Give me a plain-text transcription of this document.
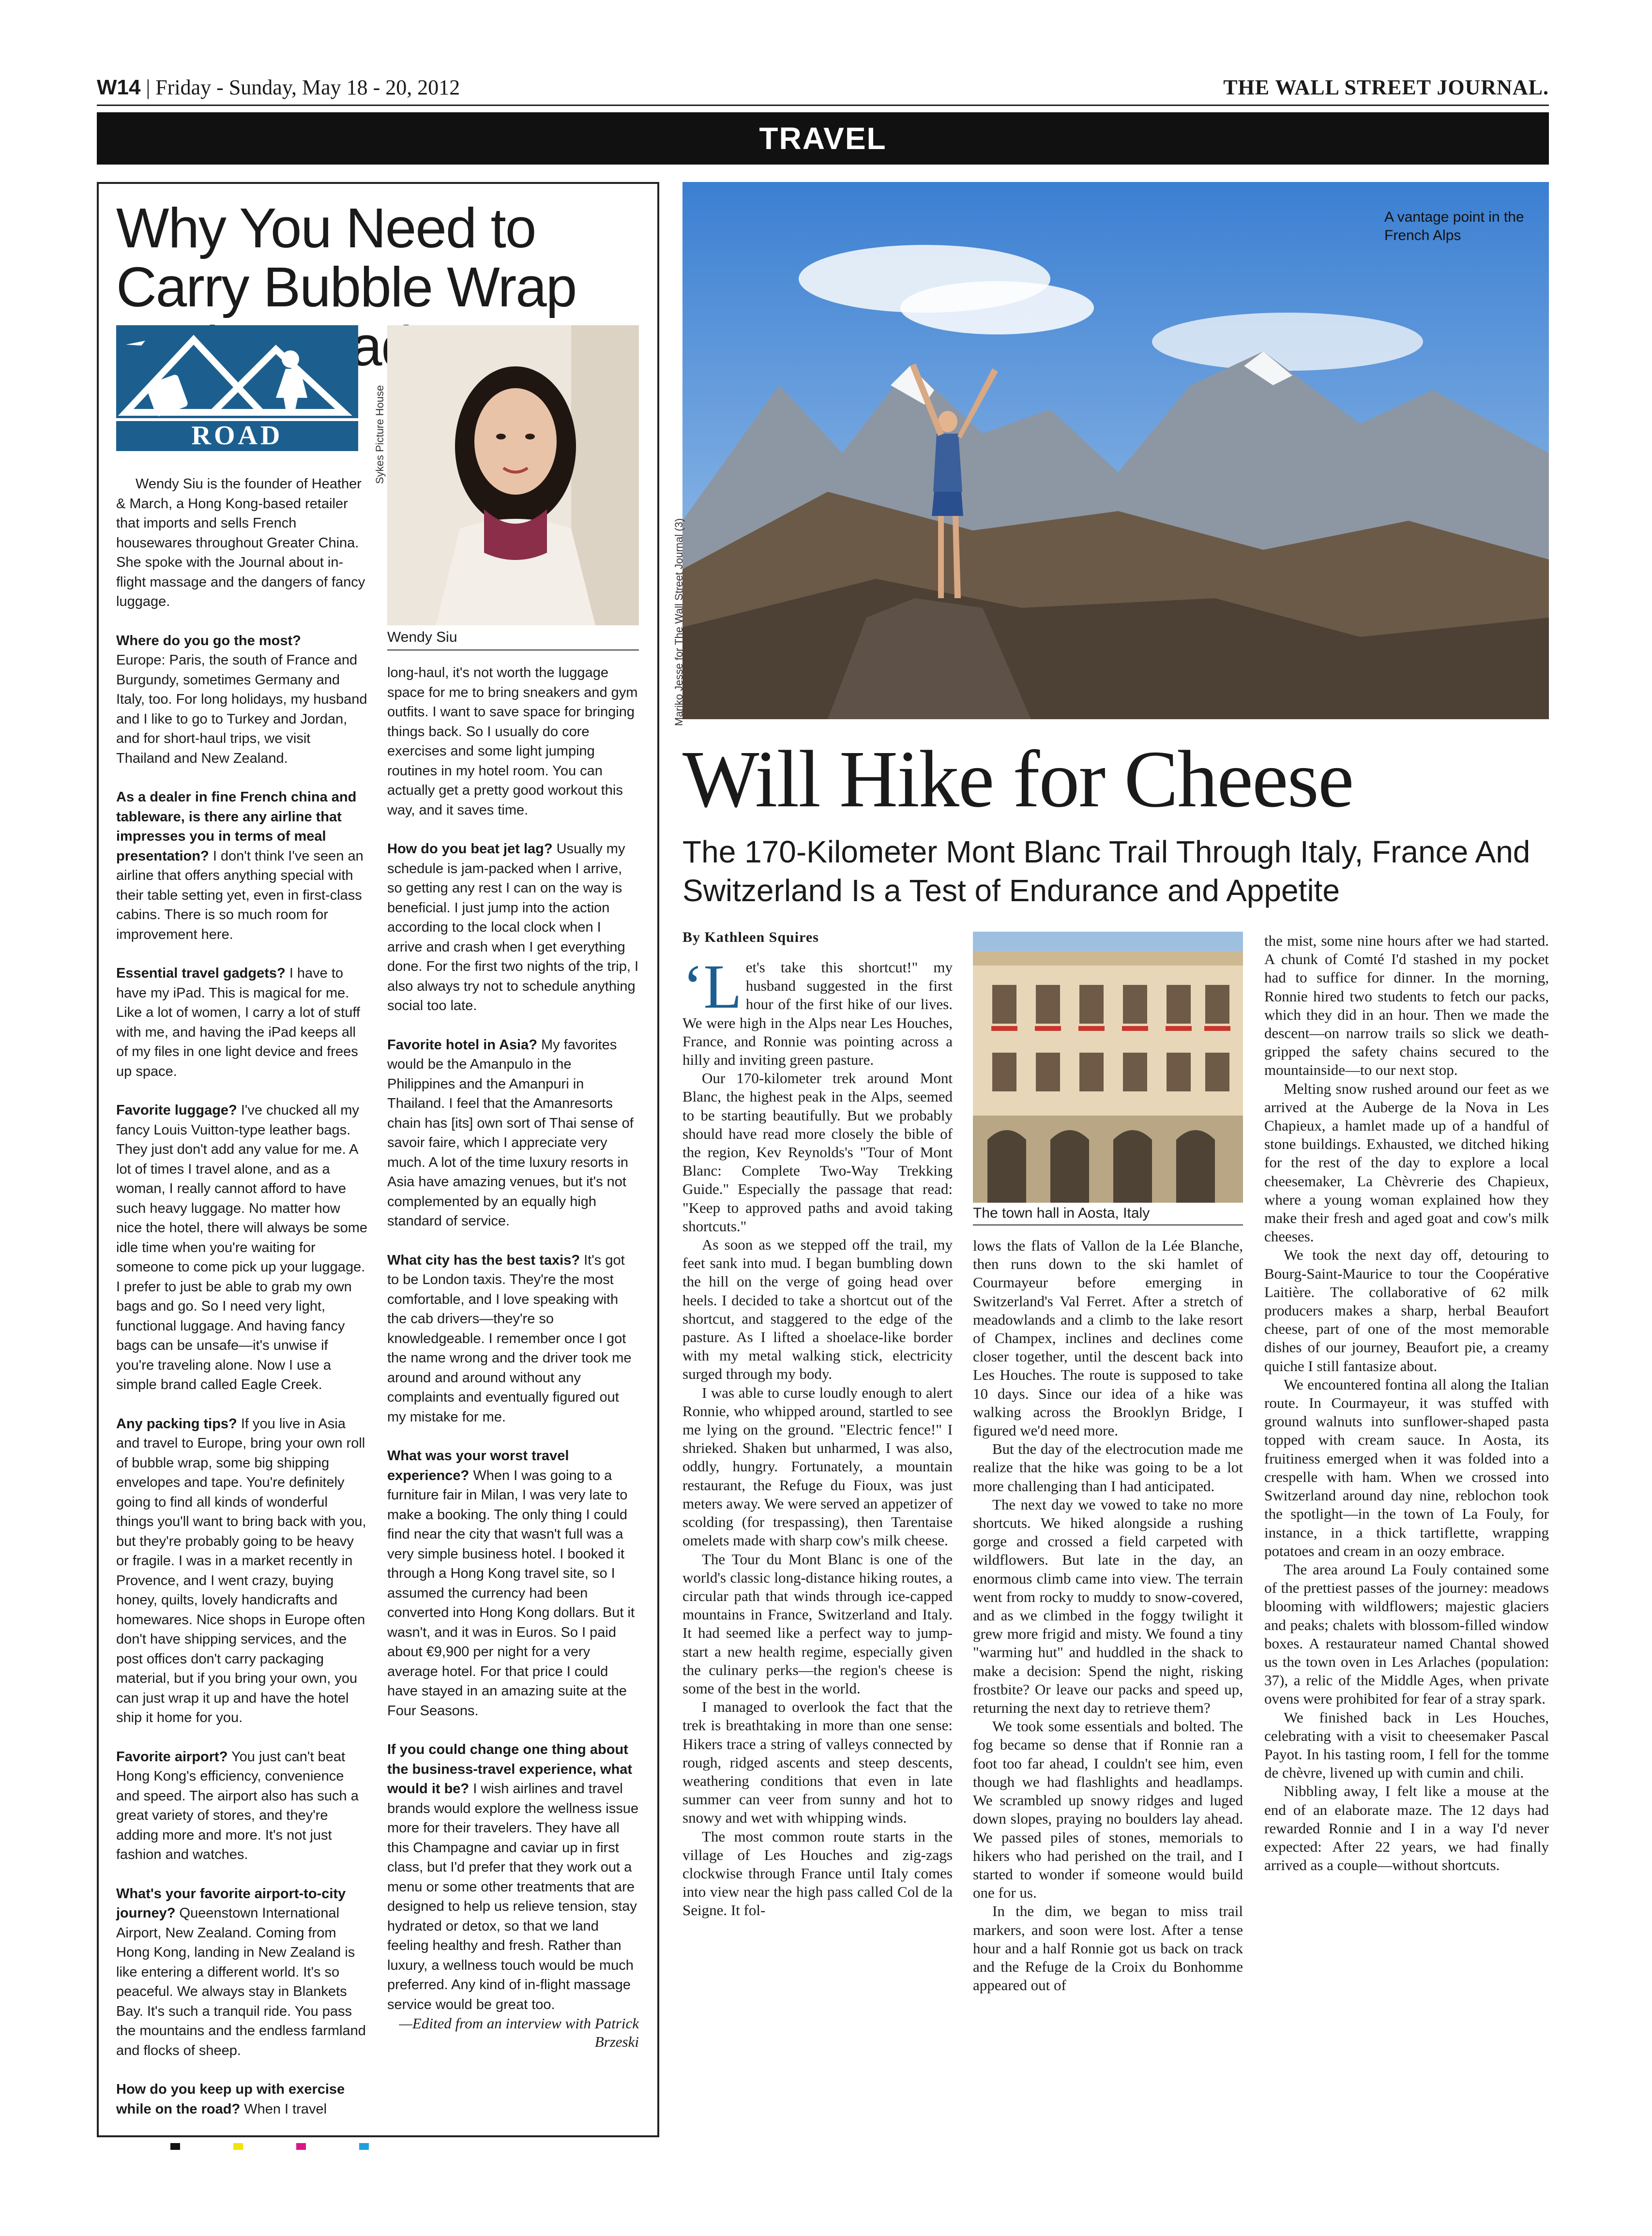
W14 | Friday - Sunday, May 18 - 20, 2012	THE WALL STREET JOURNAL.
TRAVEL
Why You Need to Carry Bubble Wrap
ROAD WARRIOR	Sykes Picture House
Wendy Siu

Wendy Siu is the founder of Heather & March, a Hong Kong-based retailer that imports and sells French housewares throughout Greater China. She spoke with the Journal about in-flight massage and the dangers of fancy luggage.

Where do you go the most?
Europe: Paris, the south of France and Burgundy, sometimes Germany and Italy, too. For long holidays, my husband and I like to go to Turkey and Jordan, and for short-haul trips, we visit Thailand and New Zealand.

As a dealer in fine French china and tableware, is there any airline that impresses you in terms of meal presentation? I don't think I've seen an airline that offers anything special with their table setting yet, even in first-class cabins. There is so much room for improvement here.

Essential travel gadgets? I have to have my iPad. This is magical for me. Like a lot of women, I carry a lot of stuff with me, and having the iPad keeps all of my files in one light device and frees up space.

Favorite luggage? I've chucked all my fancy Louis Vuitton-type leather bags. They just don't add any value for me. A lot of times I travel alone, and as a woman, I really cannot afford to have such heavy luggage. No matter how nice the hotel, there will always be some idle time when you're waiting for someone to come pick up your luggage. I prefer to just be able to grab my own bags and go. So I need very light, functional luggage. And having fancy bags can be unsafe—it's unwise if you're traveling alone. Now I use a simple brand called Eagle Creek.

Any packing tips? If you live in Asia and travel to Europe, bring your own roll of bubble wrap, some big shipping envelopes and tape. You're definitely going to find all kinds of wonderful things you'll want to bring back with you, but they're probably going to be heavy or fragile. I was in a market recently in Provence, and I went crazy, buying honey, quilts, lovely handicrafts and homewares. Nice shops in Europe often don't have shipping services, and the post offices don't carry packaging material, but if you bring your own, you can just wrap it up and have the hotel ship it home for you.

Favorite airport? You just can't beat Hong Kong's efficiency, convenience and speed. The airport also has such a great variety of stores, and they're adding more and more. It's not just fashion and watches.

What's your favorite airport-to-city journey? Queenstown International Airport, New Zealand. Coming from Hong Kong, landing in New Zealand is like entering a different world. It's so peaceful. We always stay in Blankets Bay. It's such a tranquil ride. You pass the mountains and the endless farmland and flocks of sheep.

How do you keep up with exercise while on the road? When I travel

long-haul, it's not worth the luggage space for me to bring sneakers and gym outfits. I want to save space for bringing things back. So I usually do core exercises and some light jumping routines in my hotel room. You can actually get a pretty good workout this way, and it saves time.

How do you beat jet lag? Usually my schedule is jam-packed when I arrive, so getting any rest I can on the way is beneficial. I just jump into the action according to the local clock when I arrive and crash when I get everything done. For the first two nights of the trip, I also always try not to schedule anything social too late.

Favorite hotel in Asia? My favorites would be the Amanpulo in the Philippines and the Amanpuri in Thailand. I feel that the Amanresorts chain has [its] own sort of Thai sense of savoir faire, which I appreciate very much. A lot of the time luxury resorts in Asia have amazing venues, but it's not complemented by an equally high standard of service.

What city has the best taxis? It's got to be London taxis. They're the most comfortable, and I love speaking with the cab drivers—they're so knowledgeable. I remember once I got the name wrong and the driver took me around and around without any complaints and eventually figured out my mistake for me.

What was your worst travel experience? When I was going to a furniture fair in Milan, I was very late to make a booking. The only thing I could find near the city that wasn't full was a very simple business hotel. I booked it through a Hong Kong travel site, so I assumed the currency had been converted into Hong Kong dollars. But it wasn't, and it was in Euros. So I paid about €9,900 per night for a very average hotel. For that price I could have stayed in an amazing suite at the Four Seasons.

If you could change one thing about the business-travel experience, what would it be? I wish airlines and travel brands would explore the wellness issue more for their travelers. They have all this Champagne and caviar up in first class, but I'd prefer that they work out a menu or some other treatments that are designed to help us relieve tension, stay hydrated or detox, so that we land feeling healthy and fresh. Rather than luxury, a wellness touch would be much preferred. Any kind of in-flight massage service would be great too.

—Edited from an interview with Patrick Brzeski
Mariko Jesse for The Wall Street Journal (3)
A vantage point in the French Alps
Will Hike for Cheese
The 170-Kilometer Mont Blanc Trail Through Italy, France And Switzerland Is a Test of Endurance and Appetite
By Kathleen Squires

‘Let's take this shortcut!" my husband suggested in the first hour of the first hike of our lives. We were high in the Alps near Les Houches, France, and Ronnie was pointing across a hilly and inviting green pasture.

Our 170-kilometer trek around Mont Blanc, the highest peak in the Alps, seemed to be starting beautifully. But we probably should have read more closely the bible of the region, Kev Reynolds's "Tour of Mont Blanc: Complete Two-Way Trekking Guide." Especially the passage that read: "Keep to approved paths and avoid taking shortcuts."

As soon as we stepped off the trail, my feet sank into mud. I began bumbling down the hill on the verge of going head over heels. I decided to take a shortcut out of the shortcut, and staggered to the edge of the pasture. As I lifted a shoelace-like border with my metal walking stick, electricity surged through my body.

I was able to curse loudly enough to alert Ronnie, who whipped around, startled to see me lying on the ground. "Electric fence!" I shrieked. Shaken but unharmed, I was also, oddly, hungry. Fortunately, a mountain restaurant, the Refuge du Fioux, was just meters away. We were served an appetizer of scolding (for trespassing), then Tarentaise omelets made with sharp cow's milk cheese.

The Tour du Mont Blanc is one of the world's classic long-distance hiking routes, a circular path that winds through ice-capped mountains in France, Switzerland and Italy. It had seemed like a perfect way to jump-start a new health regime, especially given the culinary perks—the region's cheese is some of the best in the world.

I managed to overlook the fact that the trek is breathtaking in more than one sense: Hikers trace a string of valleys connected by rough, ridged ascents and steep descents, weathering conditions that even in late summer can veer from sunny and hot to snowy and wet with whipping winds.

The most common route starts in the village of Les Houches and zig-zags clockwise through France until Italy comes into view near the high pass called Col de la Seigne. It fol-

The town hall in Aosta, Italy

lows the flats of Vallon de la Lée Blanche, then runs down to the ski hamlet of Courmayeur before emerging in Switzerland's Val Ferret. After a stretch of meadowlands and a climb to the lake resort of Champex, inclines and declines come closer together, until the descent back into Les Houches. The route is supposed to take 10 days. Since our idea of a hike was walking across the Brooklyn Bridge, I figured we'd need more.

But the day of the electrocution made me realize that the hike was going to be a lot more challenging than I had anticipated.

The next day we vowed to take no more shortcuts. We hiked alongside a rushing gorge and crossed a field carpeted with wildflowers. But late in the day, an enormous climb came into view. The terrain went from rocky to muddy to snow-covered, and as we climbed in the foggy twilight it grew more frigid and misty. We found a tiny "warming hut" and huddled in the shack to make a decision: Spend the night, risking frostbite? Or leave our packs and speed up, returning the next day to retrieve them?

We took some essentials and bolted. The fog became so dense that if Ronnie ran a foot too far ahead, I couldn't see him, even though we had flashlights and headlamps. We scrambled up snowy ridges and luged down slopes, praying no boulders lay ahead. We passed piles of stones, memorials to hikers who had perished on the trail, and I started to wonder if someone would build one for us.

In the dim, we began to miss trail markers, and soon were lost. After a tense hour and a half Ronnie got us back on track and the Refuge de la Croix du Bonhomme appeared out of

the mist, some nine hours after we had started. A chunk of Comté I'd stashed in my pocket had to suffice for dinner. In the morning, Ronnie hired two students to fetch our packs, which they did in an hour. Then we made the descent—on narrow trails so slick we death-gripped the safety chains secured to the mountainside—to our next stop.

Melting snow rushed around our feet as we arrived at the Auberge de la Nova in Les Chapieux, a hamlet made up of a handful of stone buildings. Exhausted, we ditched hiking for the rest of the day to explore a local cheesemaker, La Chèvrerie des Chapieux, where a young woman explained how they make their fresh and aged goat and cow's milk cheeses.

We took the next day off, detouring to Bourg-Saint-Maurice to tour the Coopérative Laitière. The collaborative of 62 milk producers makes a sharp, herbal Beaufort cheese, part of one of the most memorable dishes of our journey, Beaufort pie, a creamy quiche I still fantasize about.

We encountered fontina all along the Italian route. In Courmayeur, it was stuffed with ground walnuts into sunflower-shaped pasta topped with cream sauce. In Aosta, its fruitiness emerged when it was folded into a crespelle with ham. When we crossed into Switzerland around day nine, reblochon took the spotlight—in the town of La Fouly, for instance, in a thick tartiflette, wrapping potatoes and cream in an oozy embrace.

The area around La Fouly contained some of the prettiest passes of the journey: meadows blooming with wildflowers; majestic glaciers and peaks; chalets with blossom-filled window boxes. A restaurateur named Chantal showed us the town oven in Les Arlaches (population: 37), a relic of the Middle Ages, when private ovens were prohibited for fear of a stray spark.

We finished back in Les Houches, celebrating with a visit to cheesemaker Pascal Payot. In his tasting room, I fell for the tomme de chèvre, livened up with cumin and chili.

Nibbling away, I felt like a mouse at the end of an elaborate maze. The 12 days had rewarded Ronnie and I in a way I'd never expected: After 22 years, we had finally arrived as a couple—without shortcuts.
